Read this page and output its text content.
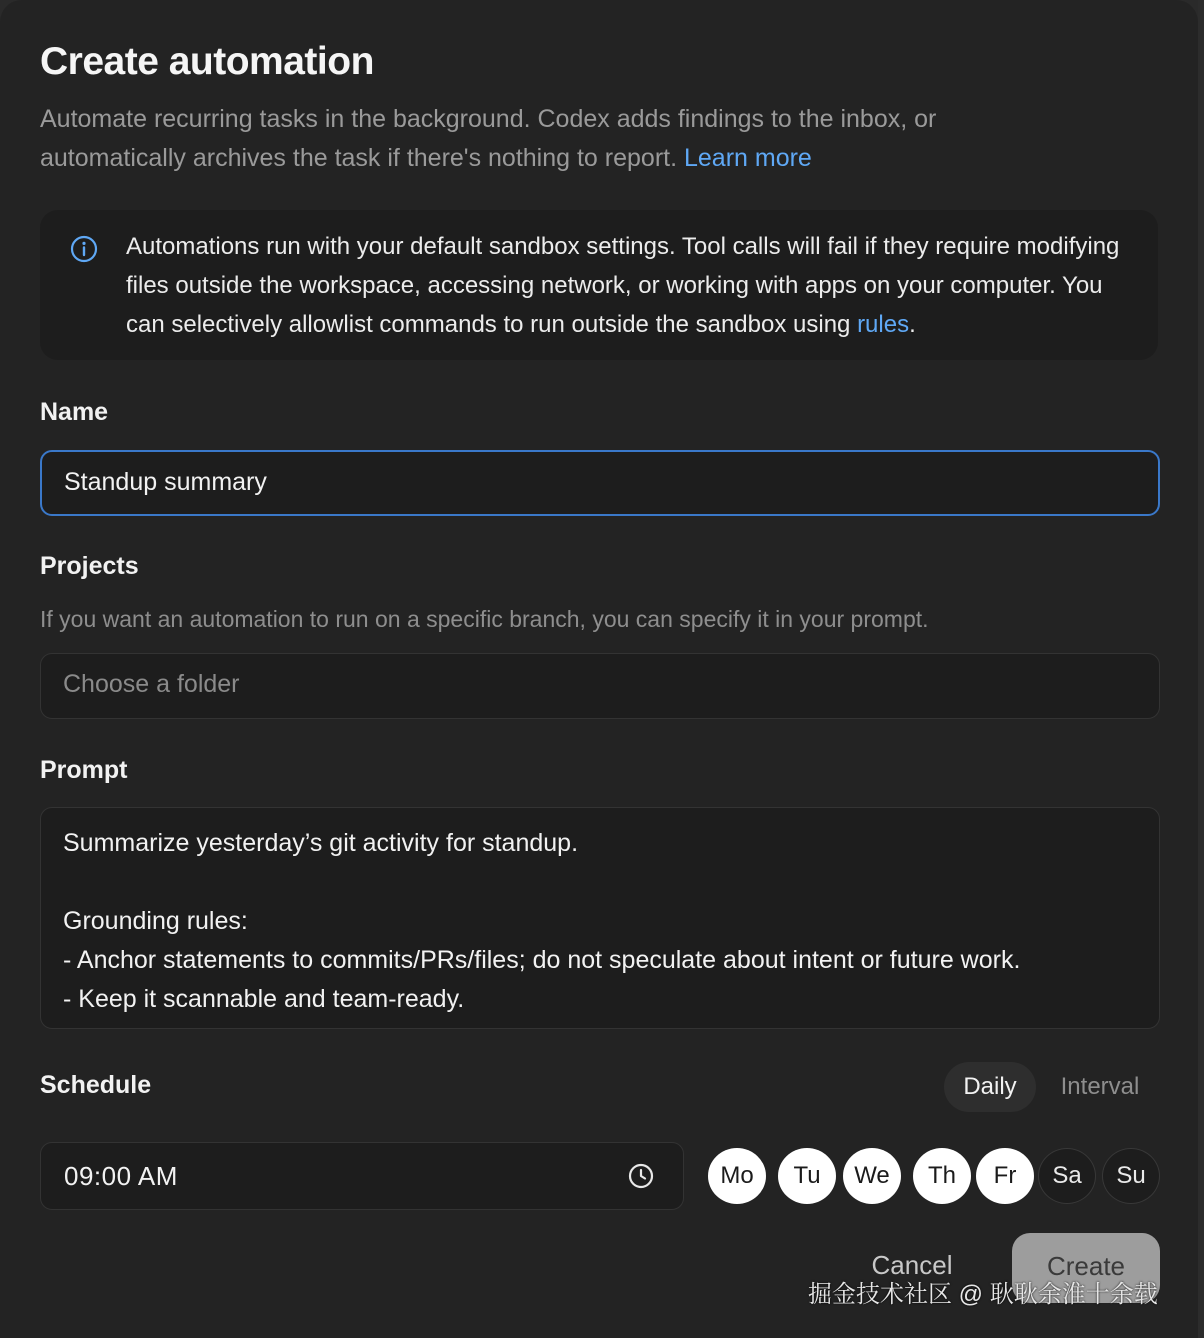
Create automation
Automate recurring tasks in the background. Codex adds findings to the inbox, or automatically archives the task if there's nothing to report. Learn more
Automations run with your default sandbox settings. Tool calls will fail if they require modifying files outside the workspace, accessing network, or working with apps on your computer. You can selectively allowlist commands to run outside the sandbox using rules.
Name
Standup summary
Projects
If you want an automation to run on a specific branch, you can specify it in your prompt.
Choose a folder
Prompt
Summarize yesterday’s git activity for standup.

Grounding rules:
- Anchor statements to commits/PRs/files; do not speculate about intent or future work.
- Keep it scannable and team-ready.
Schedule	Daily	Interval
09:00 AM	Mo	Tu	We	Th	Fr	Sa	Su
Cancel	Create
掘金技术社区 @ 耿耿余淮十余载
